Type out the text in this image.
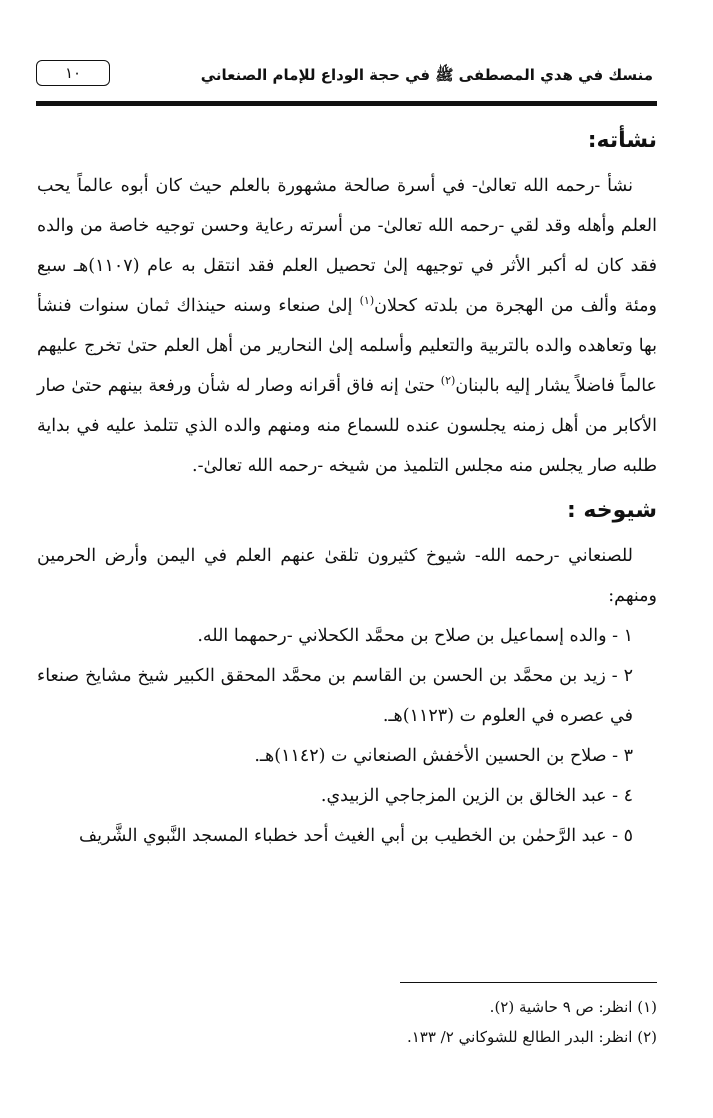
منسك في هدي المصطفى ﷺ في حجة الوداع للإمام الصنعاني
١٠
نشأته:

نشأ -رحمه الله تعالىٰ- في أسرة صالحة مشهورة بالعلم حيث كان أبوه عالماً يحب العلم وأهله وقد لقي -رحمه الله تعالىٰ- من أسرته رعاية وحسن توجيه خاصة من والده فقد كان له أكبر الأثر في توجيهه إلىٰ تحصيل العلم فقد انتقل به عام (١١٠٧)هـ سبع ومئة وألف من الهجرة من بلدته كحلان$^{(١)}$ إلىٰ صنعاء وسنه حينذاك ثمان سنوات فنشأ بها وتعاهده والده بالتربية والتعليم وأسلمه إلىٰ النحارير من أهل العلم حتىٰ تخرج عليهم عالماً فاضلاً يشار إليه بالبنان$^{(٢)}$ حتىٰ إنه فاق أقرانه وصار له شأن ورفعة بينهم حتىٰ صار الأكابر من أهل زمنه يجلسون عنده للسماع منه ومنهم والده الذي تتلمذ عليه في بداية طلبه صار يجلس منه مجلس التلميذ من شيخه -رحمه الله تعالىٰ-.

شيوخه :

للصنعاني -رحمه الله- شيوخ كثيرون تلقىٰ عنهم العلم في اليمن وأرض الحرمين ومنهم:

١ - والده إسماعيل بن صلاح بن محمَّد الكحلاني -رحمهما الله.

٢ - زيد بن محمَّد بن الحسن بن القاسم بن محمَّد المحقق الكبير شيخ مشايخ صنعاء في عصره في العلوم ت (١١٢٣)هـ.

٣ - صلاح بن الحسين الأخفش الصنعاني ت (١١٤٢)هـ.

٤ - عبد الخالق بن الزين المزجاجي الزبيدي.

٥ - عبد الرَّحمٰن بن الخطيب بن أبي الغيث أحد خطباء المسجد النَّبوي الشَّريف

(١) انظر: ص ٩ حاشية (٢).

(٢) انظر: البدر الطالع للشوكاني ٢/ ١٣٣.
